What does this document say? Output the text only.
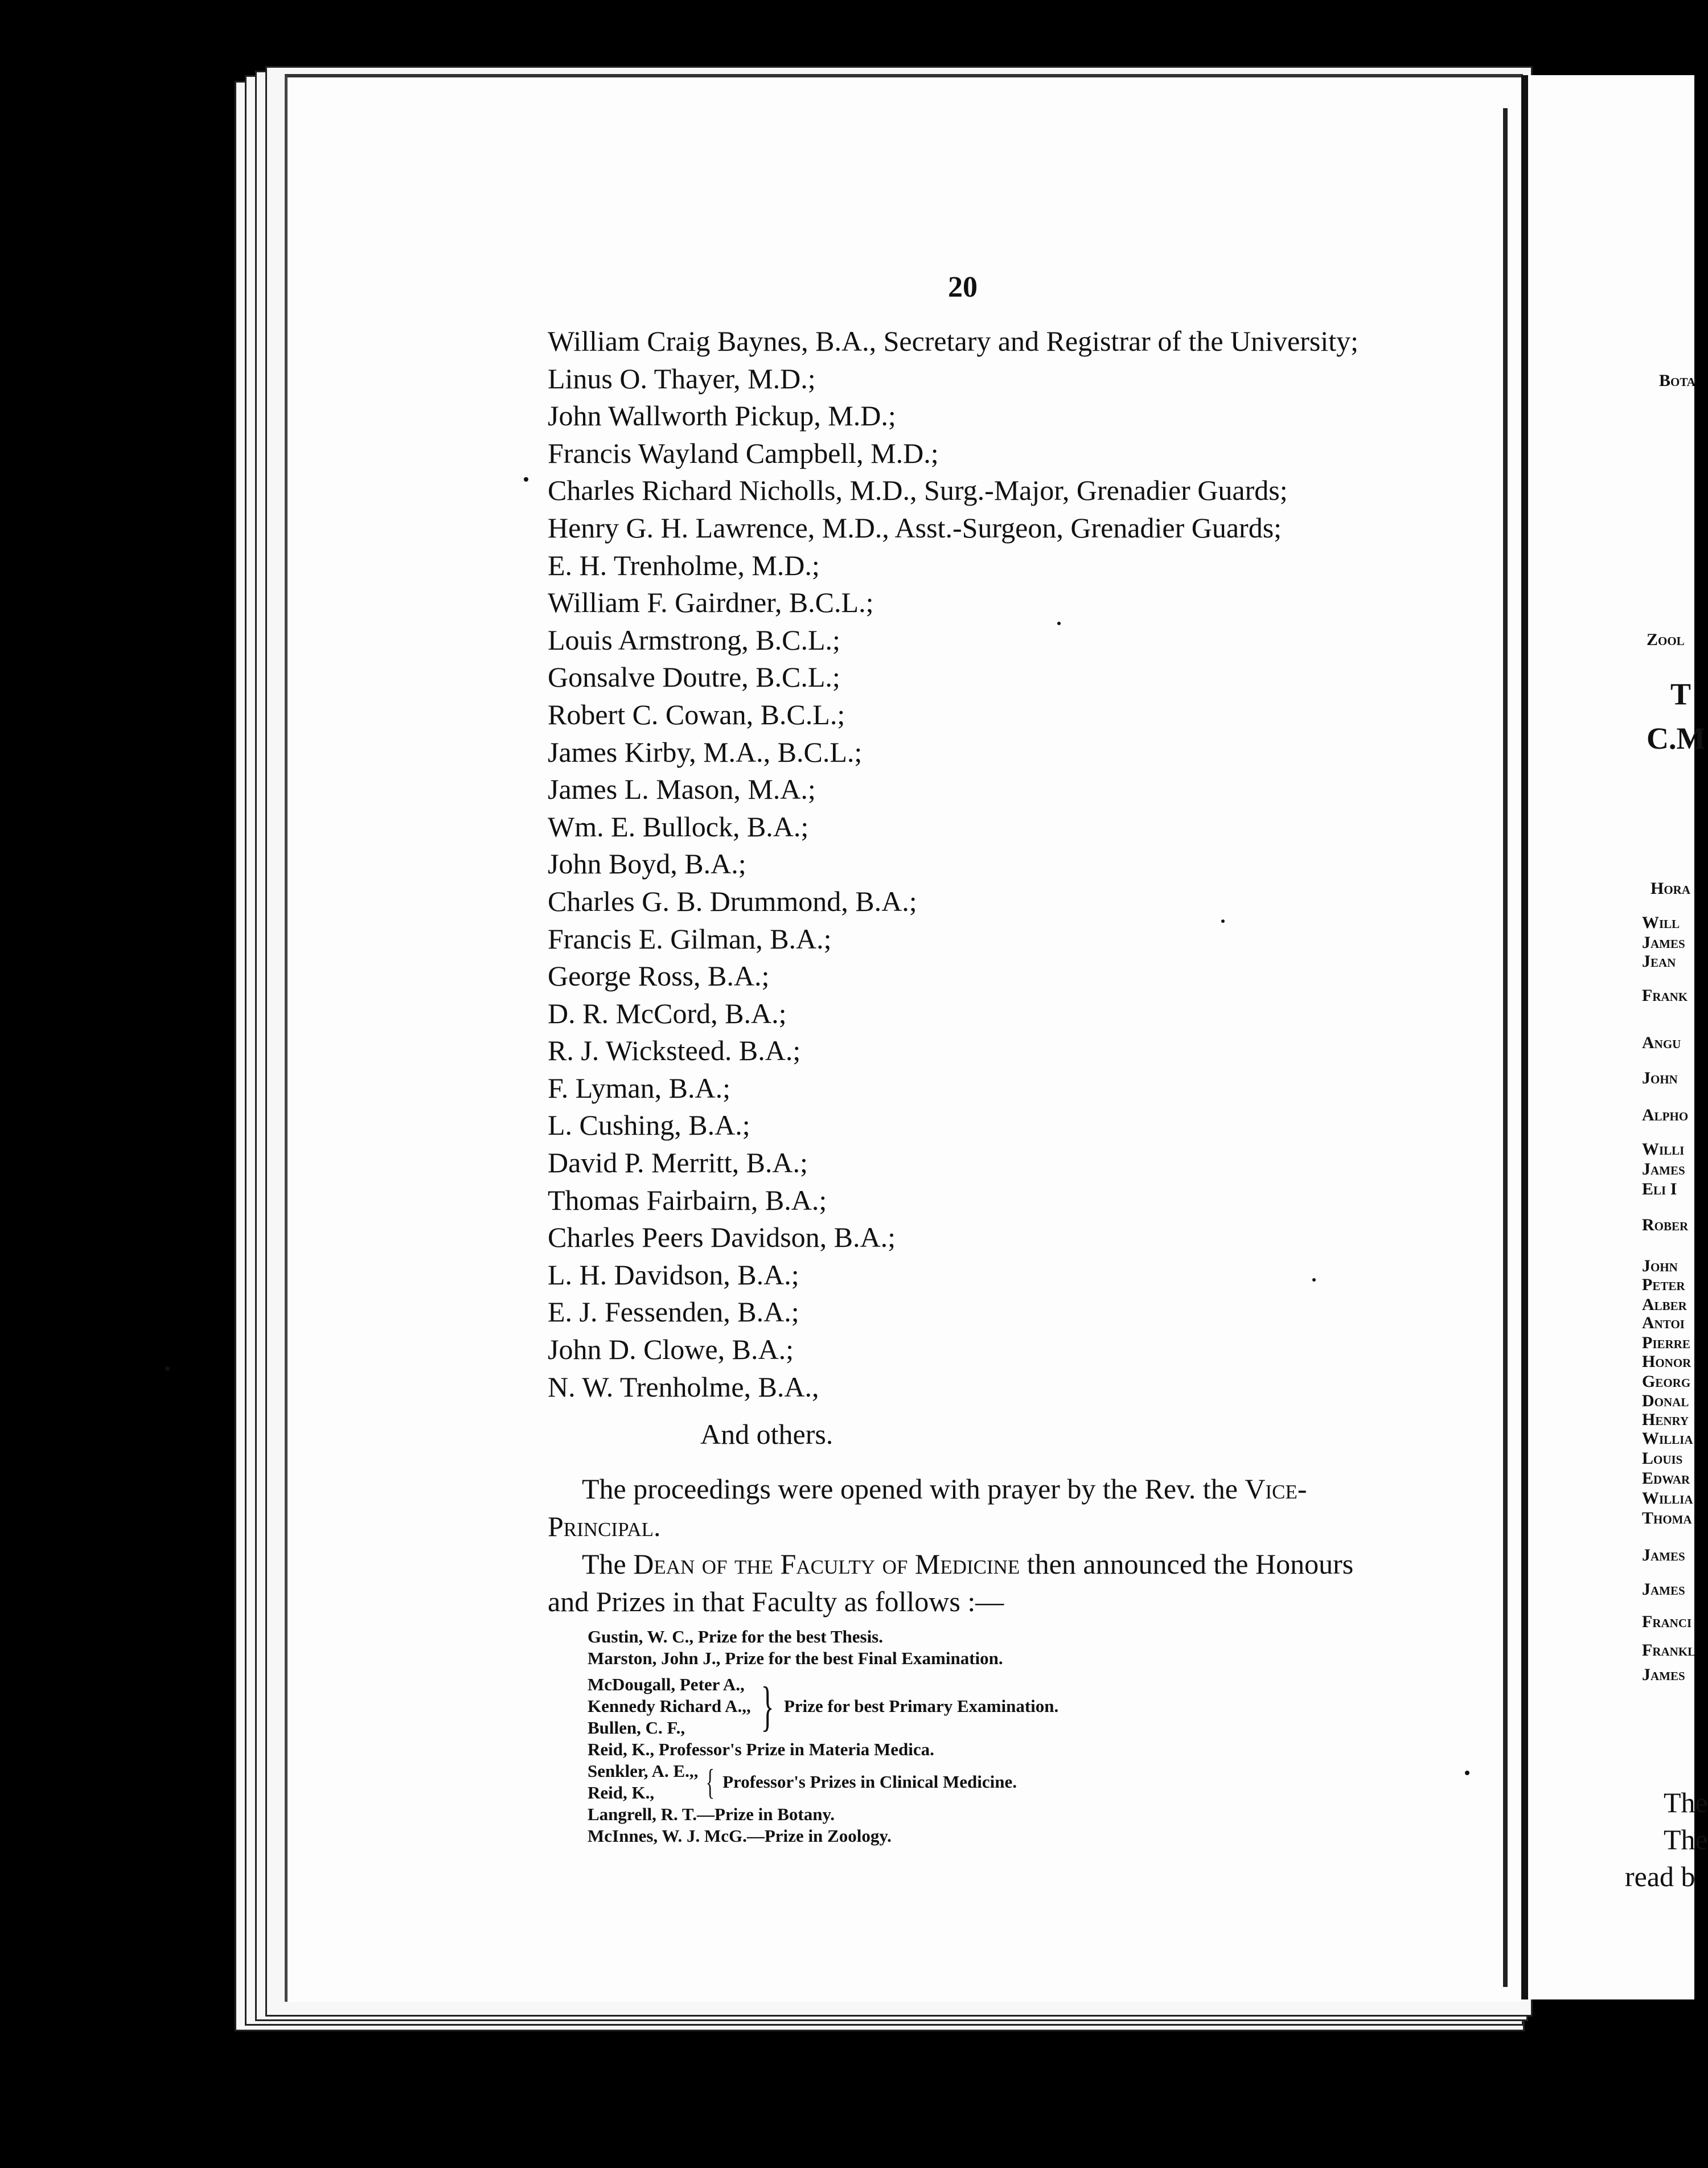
20
William Craig Baynes, B.A., Secretary and Registrar of the University;
Linus O. Thayer, M.D.;
John Wallworth Pickup, M.D.;
Francis Wayland Campbell, M.D.;
Charles Richard Nicholls, M.D., Surg.-Major, Grenadier Guards;
Henry G. H. Lawrence, M.D., Asst.-Surgeon, Grenadier Guards;
E. H. Trenholme, M.D.;
William F. Gairdner, B.C.L.;
Louis Armstrong, B.C.L.;
Gonsalve Doutre, B.C.L.;
Robert C. Cowan, B.C.L.;
James Kirby, M.A., B.C.L.;
James L. Mason, M.A.;
Wm. E. Bullock, B.A.;
John Boyd, B.A.;
Charles G. B. Drummond, B.A.;
Francis E. Gilman, B.A.;
George Ross, B.A.;
D. R. McCord, B.A.;
R. J. Wicksteed. B.A.;
F. Lyman, B.A.;
L. Cushing, B.A.;
David P. Merritt, B.A.;
Thomas Fairbairn, B.A.;
Charles Peers Davidson, B.A.;
L. H. Davidson, B.A.;
E. J. Fessenden, B.A.;
John D. Clowe, B.A.;
N. W. Trenholme, B.A.,
And others.
The proceedings were opened with prayer by the Rev. the Vice-Principal.
The Dean of the Faculty of Medicine then announced the Honours and Prizes in that Faculty as follows :—
Gustin, W. C., Prize for the best Thesis.
Marston, John J., Prize for the best Final Examination.
McDougall, Peter A.,
Kennedy Richard A.,,
Bullen, C. F.,	} Prize for best Primary Examination.
Reid, K., Professor's Prize in Materia Medica.
Senkler, A. E.,,
Reid, K.,	{ Professor's Prizes in Clinical Medicine.
Langrell, R. T.—Prize in Botany.
McInnes, W. J. McG.—Prize in Zoology.
Bota
Zool
T
C.M
Hora
Will
James
Jean
Frank
Angu
John
Alpho
Willi
James
Eli I
Rober
John
Peter
Alber
Antoi
Pierre
Honor
Georg
Donal
Henry
Willia
Louis
Edwar
Willia
Thoma
James
James
Franci
Frankl
James
The
The
read b
